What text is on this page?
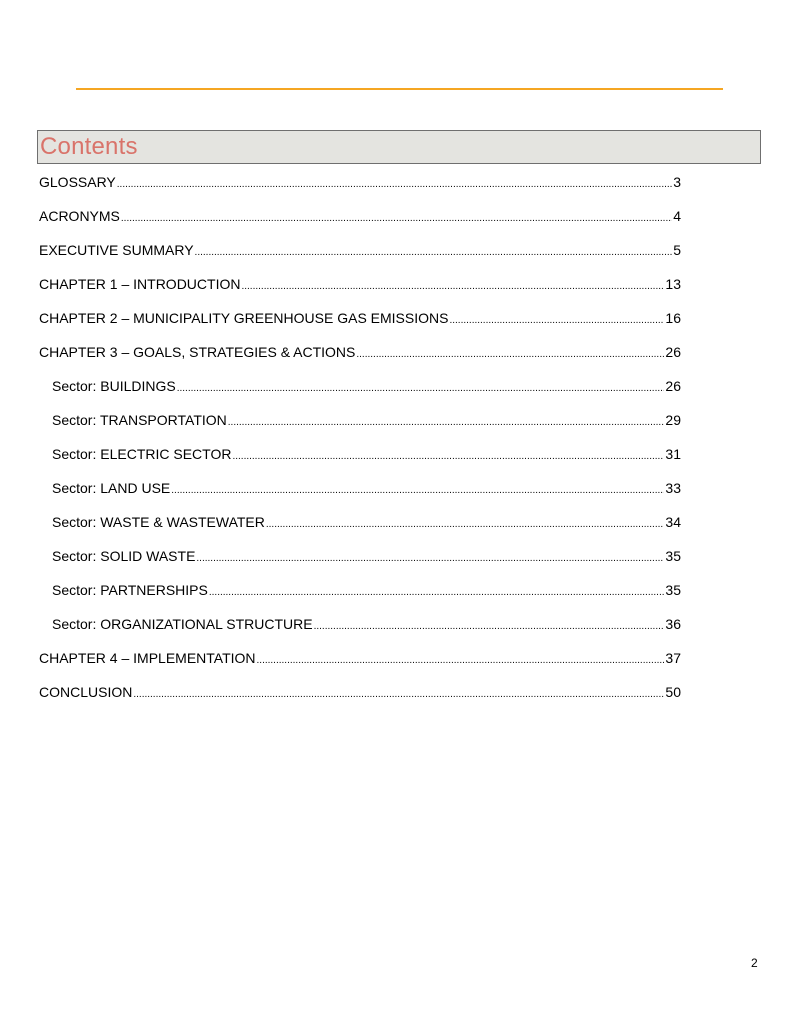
Contents
GLOSSARY .....	3
ACRONYMS .....	4
EXECUTIVE SUMMARY .....	5
CHAPTER 1 – INTRODUCTION .....	13
CHAPTER 2 – MUNICIPALITY GREENHOUSE GAS EMISSIONS .....	16
CHAPTER 3 – GOALS, STRATEGIES & ACTIONS .....	26
Sector: BUILDINGS .....	26
Sector: TRANSPORTATION .....	29
Sector: ELECTRIC SECTOR .....	31
Sector: LAND USE .....	33
Sector: WASTE & WASTEWATER .....	34
Sector: SOLID WASTE .....	35
Sector: PARTNERSHIPS .....	35
Sector: ORGANIZATIONAL STRUCTURE .....	36
CHAPTER 4 – IMPLEMENTATION .....	37
CONCLUSION .....	50
2
